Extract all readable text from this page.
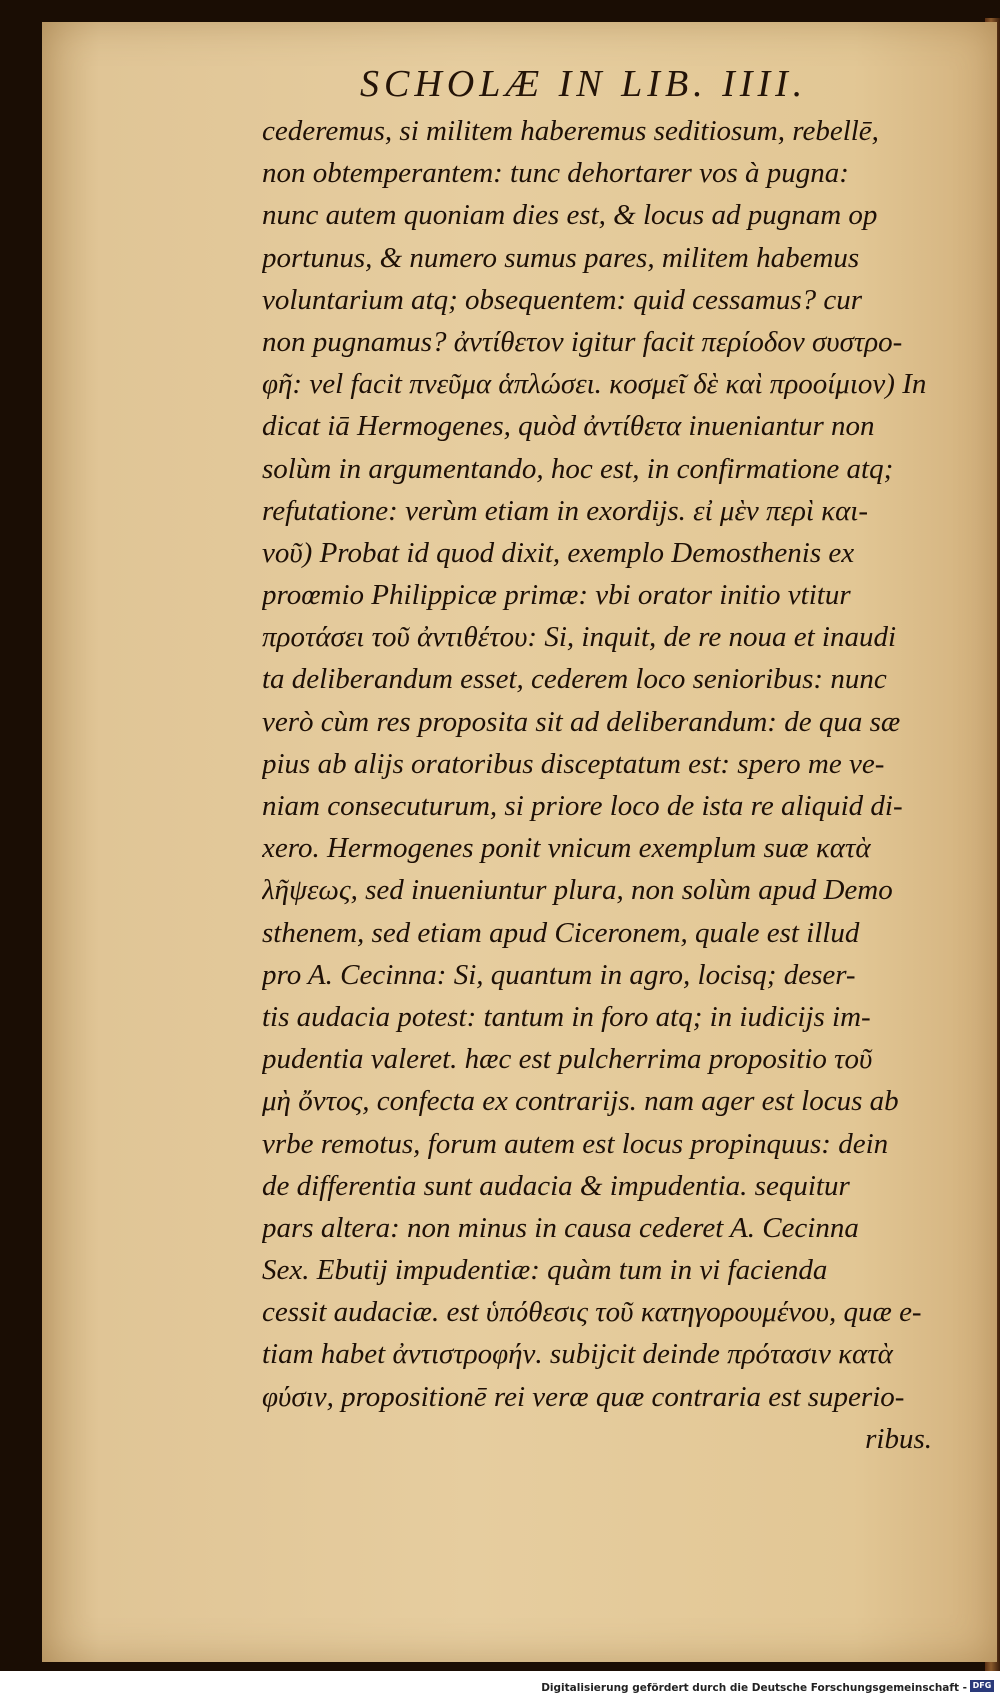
SCHOLÆ IN LIB. IIII.
cederemus, si militem haberemus seditiosum, rebellē,
non obtemperantem: tunc dehortarer vos à pugna:
nunc autem quoniam dies est, & locus ad pugnam op
portunus, & numero sumus pares, militem habemus
voluntarium atq; obsequentem: quid cessamus? cur
non pugnamus? ἀντίθετον igitur facit περίοδον συστρο-
φῆ: vel facit πνεῦμα ἁπλώσει. κοσμεῖ δὲ καὶ προοίμιον) In
dicat iā Hermogenes, quòd ἀντίθετα inueniantur non
solùm in argumentando, hoc est, in confirmatione atq;
refutatione: verùm etiam in exordijs. εἰ μὲν περὶ και-
νοῦ) Probat id quod dixit, exemplo Demosthenis ex
proœmio Philippicæ primæ: vbi orator initio vtitur
προτάσει τοῦ ἀντιθέτου: Si, inquit, de re noua et inaudi
ta deliberandum esset, cederem loco senioribus: nunc
verò cùm res proposita sit ad deliberandum: de qua sæ
pius ab alijs oratoribus disceptatum est: spero me ve-
niam consecuturum, si priore loco de ista re aliquid di-
xero. Hermogenes ponit vnicum exemplum suæ κατὰ
λῆψεως, sed inueniuntur plura, non solùm apud Demo
sthenem, sed etiam apud Ciceronem, quale est illud
pro A. Cecinna: Si, quantum in agro, locisq; deser-
tis audacia potest: tantum in foro atq; in iudicijs im-
pudentia valeret. hæc est pulcherrima propositio τοῦ
μὴ ὄντος, confecta ex contrarijs. nam ager est locus ab
vrbe remotus, forum autem est locus propinquus: dein
de differentia sunt audacia & impudentia. sequitur
pars altera: non minus in causa cederet A. Cecinna
Sex. Ebutij impudentiæ: quàm tum in vi facienda
cessit audaciæ. est ὑπόθεσις τοῦ κατηγορουμένου, quæ e-
tiam habet ἀντιστροφήν. subijcit deinde πρότασιν κατὰ
φύσιν, propositionē rei veræ quæ contraria est superio-
ribus.
Digitalisierung gefördert durch die Deutsche Forschungsgemeinschaft - DFG
